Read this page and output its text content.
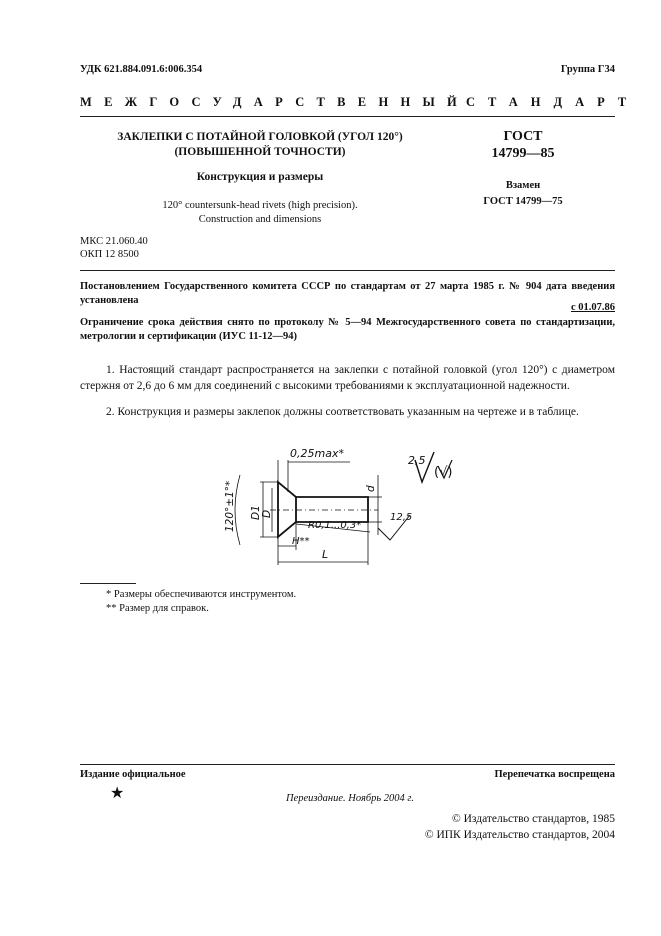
УДК 621.884.091.6:006.354	Группа Г34
МЕЖГОСУДАРСТВЕННЫЙ
СТАНДАРТ
ЗАКЛЕПКИ С ПОТАЙНОЙ ГОЛОВКОЙ (УГОЛ 120°)
(ПОВЫШЕННОЙ ТОЧНОСТИ)
Конструкция и размеры
120° countersunk-head rivets (high precision).
Construction and dimensions
ГОСТ
14799—85
Взамен
ГОСТ 14799—75
МКС 21.060.40
ОКП 12 8500
Постановлением Государственного комитета СССР по стандартам от 27 марта 1985 г. № 904 дата введения установлена
с 01.07.86
Ограничение срока действия снято по протоколу № 5—94 Межгосударственного совета по стандартизации, метрологии и сертификации (ИУС 11-12—94)
1. Настоящий стандарт распространяется на заклепки с потайной головкой (угол 120°) с диаметром стержня от 2,6 до 6 мм для соединений с высокими требованиями к эксплуатационной надежности.
2. Конструкция и размеры заклепок должны соответствовать указанным на чертеже и в таблице.
0,25max*
120°±1°* D1 D
d
R0,1...0,3*
H**
L
12,5
2,5
(√)
* Размеры обеспечиваются инструментом.
** Размер для справок.
Издание официальное	Перепечатка воспрещена
★	Переиздание. Ноябрь 2004 г.
© Издательство стандартов, 1985
© ИПК Издательство стандартов, 2004
